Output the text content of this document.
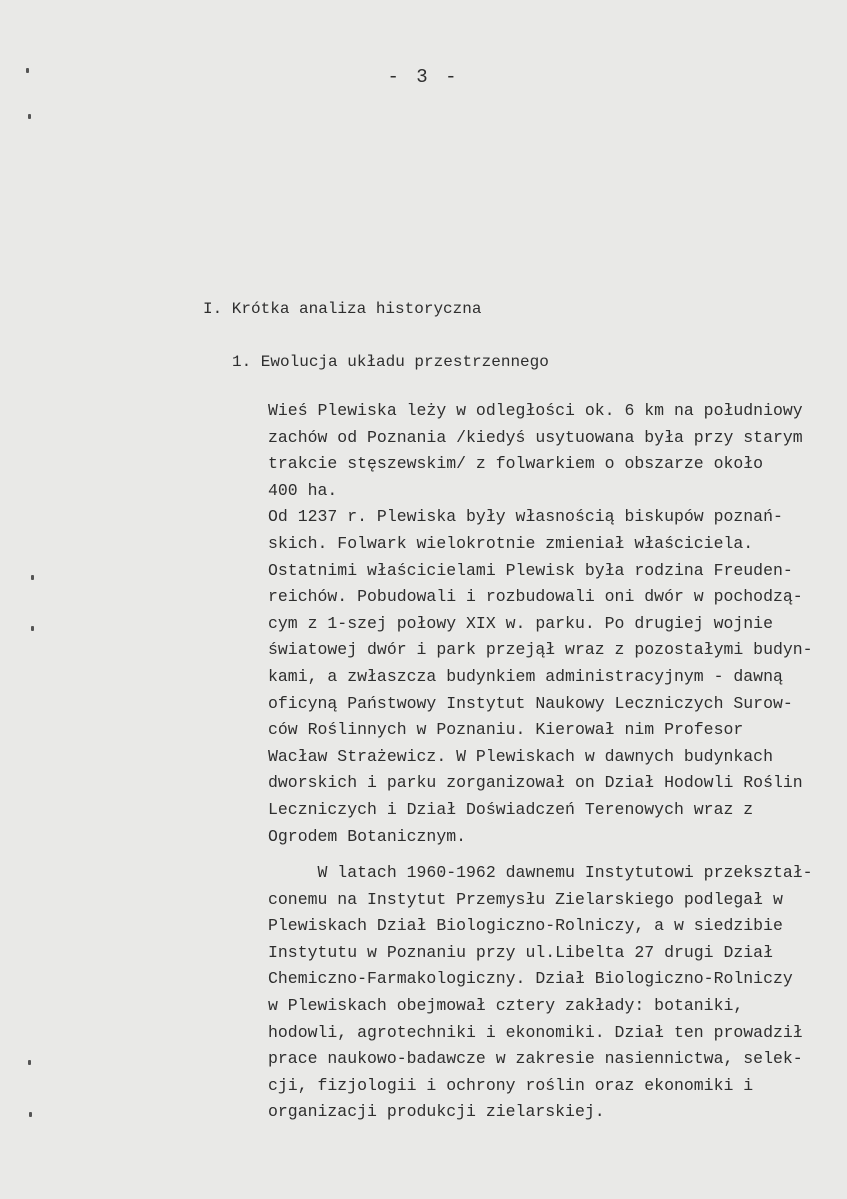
- 3 -
I. Krótka analiza historyczna
1. Ewolucja układu przestrzennego
Wieś Plewiska leży w odległości ok. 6 km na południowy
zachów od Poznania /kiedyś usytuowana była przy starym
trakcie stęszewskim/ z folwarkiem o obszarze około
400 ha.
Od 1237 r. Plewiska były własnością biskupów poznań-
skich. Folwark wielokrotnie zmieniał właściciela.
Ostatnimi właścicielami Plewisk była rodzina Freuden-
reichów. Pobudowali i rozbudowali oni dwór w pochodzą-
cym z 1-szej połowy XIX w. parku. Po drugiej wojnie
światowej dwór i park przejął wraz z pozostałymi budyn-
kami, a zwłaszcza budynkiem administracyjnym - dawną
oficyną Państwowy Instytut Naukowy Leczniczych Surow-
ców Roślinnych w Poznaniu. Kierował nim Profesor
Wacław Strażewicz. W Plewiskach w dawnych budynkach
dworskich i parku zorganizował on Dział Hodowli Roślin
Leczniczych i Dział Doświadczeń Terenowych wraz z
Ogrodem Botanicznym.
W latach 1960-1962 dawnemu Instytutowi przekształ-
conemu na Instytut Przemysłu Zielarskiego podlegał w
Plewiskach Dział Biologiczno-Rolniczy, a w siedzibie
Instytutu w Poznaniu przy ul.Libelta 27 drugi Dział
Chemiczno-Farmakologiczny. Dział Biologiczno-Rolniczy
w Plewiskach obejmował cztery zakłady: botaniki,
hodowli, agrotechniki i ekonomiki. Dział ten prowadził
prace naukowo-badawcze w zakresie nasiennictwa, selek-
cji, fizjologii i ochrony roślin oraz ekonomiki i
organizacji produkcji zielarskiej.
